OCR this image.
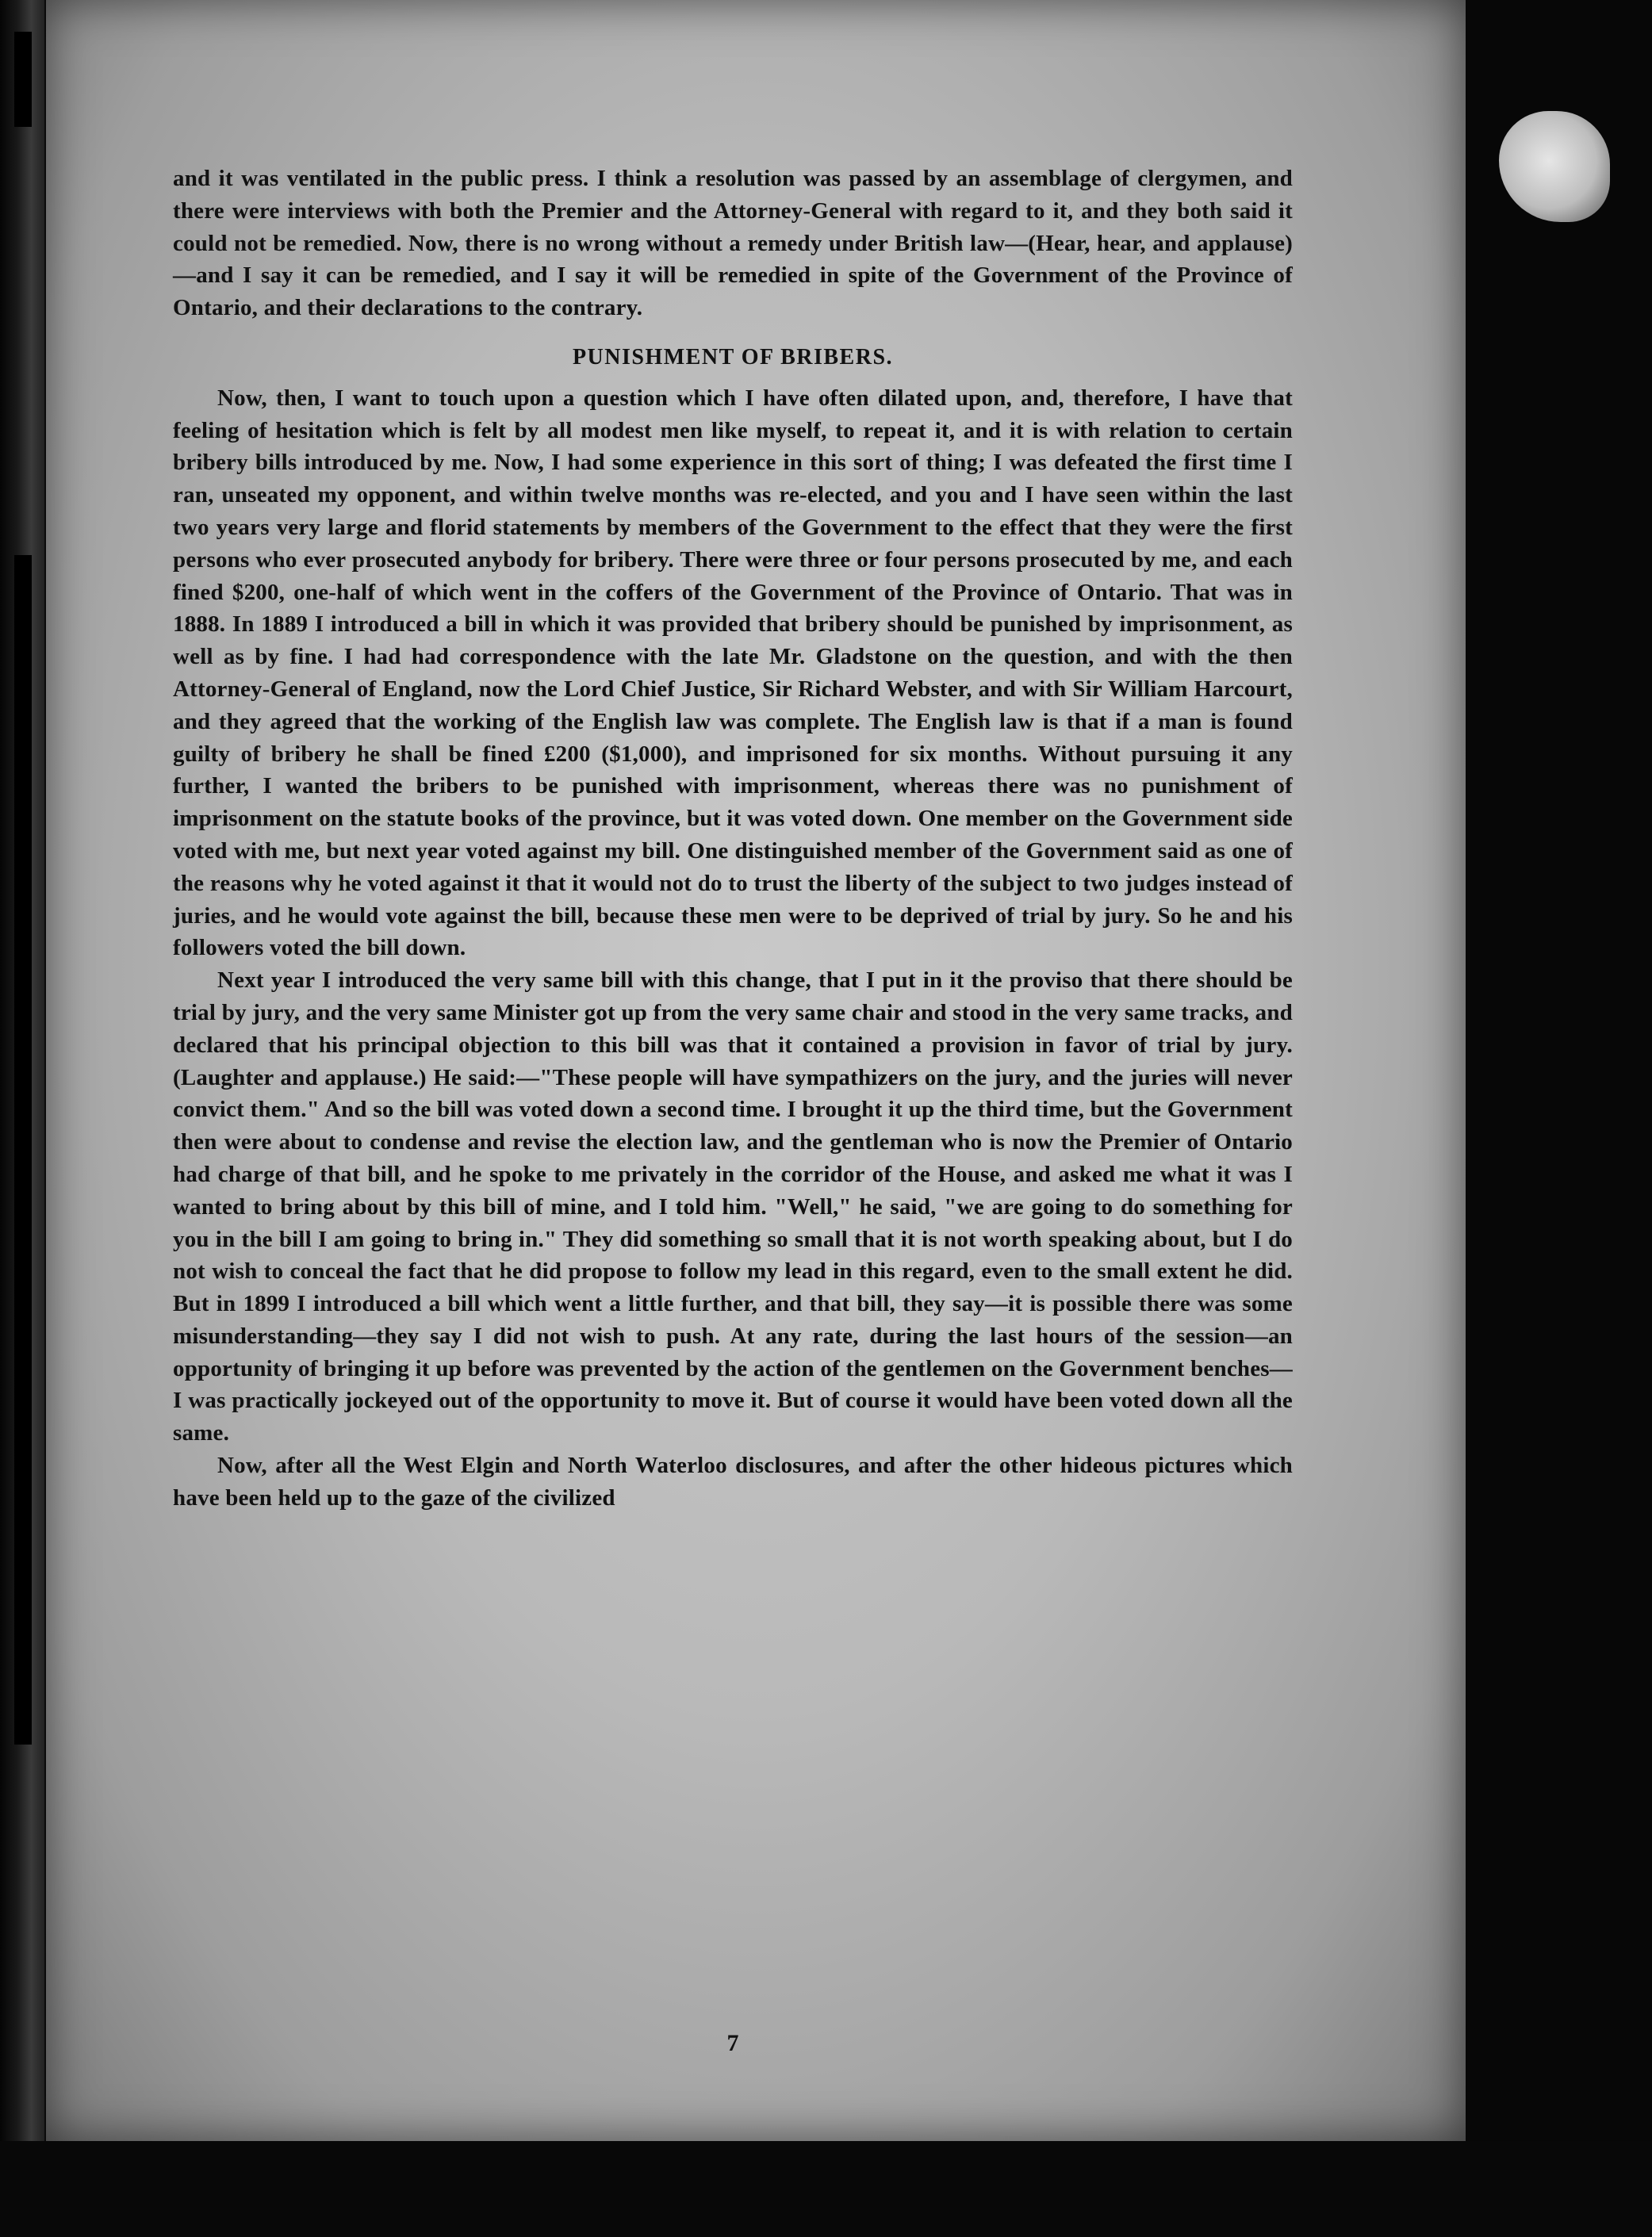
and it was ventilated in the public press. I think a resolution was passed by an assemblage of clergymen, and there were interviews with both the Premier and the Attorney-General with regard to it, and they both said it could not be remedied. Now, there is no wrong without a remedy under British law—(Hear, hear, and applause)—and I say it can be remedied, and I say it will be remedied in spite of the Government of the Province of Ontario, and their declarations to the contrary.

PUNISHMENT OF BRIBERS.

Now, then, I want to touch upon a question which I have often dilated upon, and, therefore, I have that feeling of hesitation which is felt by all modest men like myself, to repeat it, and it is with relation to certain bribery bills introduced by me. Now, I had some experience in this sort of thing; I was defeated the first time I ran, unseated my opponent, and within twelve months was re-elected, and you and I have seen within the last two years very large and florid statements by members of the Government to the effect that they were the first persons who ever prosecuted anybody for bribery. There were three or four persons prosecuted by me, and each fined $200, one-half of which went in the coffers of the Government of the Province of Ontario. That was in 1888. In 1889 I introduced a bill in which it was provided that bribery should be punished by imprisonment, as well as by fine. I had had correspondence with the late Mr. Gladstone on the question, and with the then Attorney-General of England, now the Lord Chief Justice, Sir Richard Webster, and with Sir William Harcourt, and they agreed that the working of the English law was complete. The English law is that if a man is found guilty of bribery he shall be fined £200 ($1,000), and imprisoned for six months. Without pursuing it any further, I wanted the bribers to be punished with imprisonment, whereas there was no punishment of imprisonment on the statute books of the province, but it was voted down. One member on the Government side voted with me, but next year voted against my bill. One distinguished member of the Government said as one of the reasons why he voted against it that it would not do to trust the liberty of the subject to two judges instead of juries, and he would vote against the bill, because these men were to be deprived of trial by jury. So he and his followers voted the bill down.

Next year I introduced the very same bill with this change, that I put in it the proviso that there should be trial by jury, and the very same Minister got up from the very same chair and stood in the very same tracks, and declared that his principal objection to this bill was that it contained a provision in favor of trial by jury. (Laughter and applause.) He said:—"These people will have sympathizers on the jury, and the juries will never convict them." And so the bill was voted down a second time. I brought it up the third time, but the Government then were about to condense and revise the election law, and the gentleman who is now the Premier of Ontario had charge of that bill, and he spoke to me privately in the corridor of the House, and asked me what it was I wanted to bring about by this bill of mine, and I told him. "Well," he said, "we are going to do something for you in the bill I am going to bring in." They did something so small that it is not worth speaking about, but I do not wish to conceal the fact that he did propose to follow my lead in this regard, even to the small extent he did. But in 1899 I introduced a bill which went a little further, and that bill, they say—it is possible there was some misunderstanding—they say I did not wish to push. At any rate, during the last hours of the session—an opportunity of bringing it up before was prevented by the action of the gentlemen on the Government benches—I was practically jockeyed out of the opportunity to move it. But of course it would have been voted down all the same.

Now, after all the West Elgin and North Waterloo disclosures, and after the other hideous pictures which have been held up to the gaze of the civilized

7
